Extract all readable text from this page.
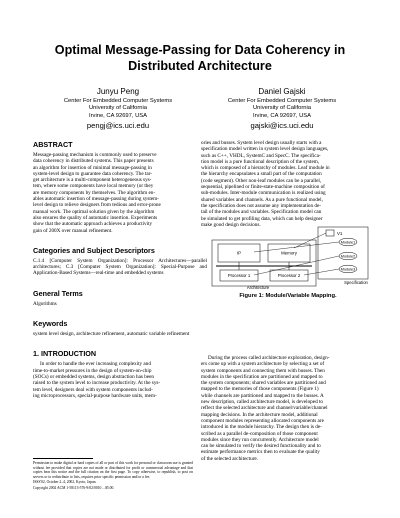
Optimal Message-Passing for Data Coherency in
Distributed Architecture
Junyu Peng
Center For Embedded Computer Systems
University of California
Irvine, CA 92697, USA
pengj@ics.uci.edu
Daniel Gajski
Center For Embedded Computer Systems
University of California
Irvine, CA 92697, USA
gajski@ics.uci.edu
ABSTRACT
Message-passing mechanism is commonly used to preserve
data coherency in distributed systems. This paper presents
an algorithm for insertion of minimal message-passing in
system-level design to guarantee data coherency. The tar-
get architecture is a multi-component heterogeneous sys-
tem, where some components have local memory (or they
are memory components by themselves. The algorithm en-
ables automatic insertion of message-passing during system-
level design to relieve designers from tedious and error-prone
manual work. The optimal solution given by the algorithm
also ensures the quality of automatic insertion. Experiments
show that the automatic approach achieves a productivity
gain of 200X over manual refinement.
Categories and Subject Descriptors
C.1.4 [Computer System Organization]: Processor Architectures—parallel architectures; C.3 [Computer System Organization]: Special-Purpose and Application-Based Systems—real-time and embedded systems
General Terms
Algorithms
Keywords
system level design, architecture refinement, automatic variable refinement
1. INTRODUCTION
In order to handle the ever increasing complexity and
time-to-market pressures in the design of system-on-chip
(SOCs) or embedded systems, design abstraction has been
raised to the system level to increase productivity. At the sys-
tem level, designers deal with system components includ-
ing microprocessors, special-purpose hardware units, mem-
ories and busses. System level design usually starts with a
specification model written in system level design languages,
such as C++, VHDL, SystemC and SpecC. The specifica-
tion model is a pure functional description of the system,
which is composed of a hierarchy of modules. Leaf module in
the hierarchy encapsulates a small part of the computation
(code segment). Other non-leaf modules can be a parallel,
sequential, pipelined or finite-state-machine composition of
sub-modules. Inter-module communication is realized using
shared variables and channels. As a pure functional model,
the specification does not assume any implementation de-
tail of the modules and variables. Specification model can
be simulated to get profiling data, which can help designer
make good design decisions.
V1
Module1
Module2
Module3
Specification
IP	Memory
Processor 1	Processor 2
Architecture
Figure 1: Module/Variable Mapping.
During the process called architecture exploration, design-
ers come up with a system architecture by selecting a set of
system components and connecting them with busses. Then
modules in the specification are partitioned and mapped to
the system components; shared variables are partitioned and
mapped to the memories of those components (Figure 1)
while channels are partitioned and mapped to the busses. A
new description, called architecture model, is developed to
reflect the selected architecture and channel/variable/channel
mapping decisions. In the architecture model, additional
component modules representing allocated components are
introduced in the module hierarchy. The design then is de-
scribed as a parallel de-composition of those component
modules since they run concurrently. Architecture model
can be simulated to verify the desired functionality and to
estimate performance metrics then to evaluate the quality
of the selected architecture.
Permission to make digital or hard copies of all or part of this work for personal or classroom use is granted without fee provided that copies are not made or distributed for profit or commercial advantage and that copies bear this notice and the full citation on the first page. To copy otherwise, to republish, to post on servers or to redistribute to lists, requires prior specific permission and/or a fee.
ISSS'02, October 2–4, 2002, Kyoto, Japan.
Copyright 2002 ACM 1-58113-576-9/02/0010 ...$5.00.
